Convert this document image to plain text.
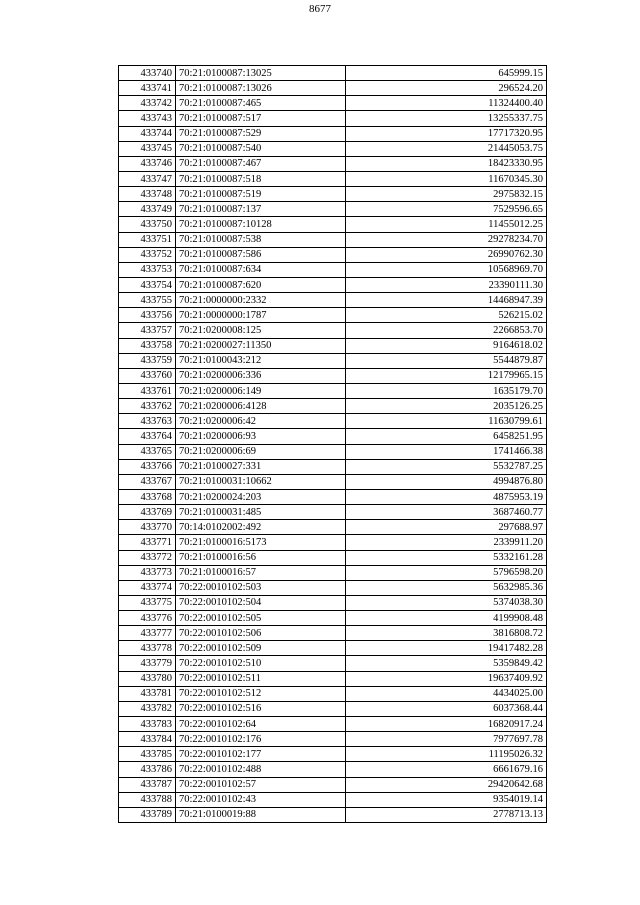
8677
433740	70:21:0100087:13025	645999.15
433741	70:21:0100087:13026	296524.20
433742	70:21:0100087:465	11324400.40
433743	70:21:0100087:517	13255337.75
433744	70:21:0100087:529	17717320.95
433745	70:21:0100087:540	21445053.75
433746	70:21:0100087:467	18423330.95
433747	70:21:0100087:518	11670345.30
433748	70:21:0100087:519	2975832.15
433749	70:21:0100087:137	7529596.65
433750	70:21:0100087:10128	11455012.25
433751	70:21:0100087:538	29278234.70
433752	70:21:0100087:586	26990762.30
433753	70:21:0100087:634	10568969.70
433754	70:21:0100087:620	23390111.30
433755	70:21:0000000:2332	14468947.39
433756	70:21:0000000:1787	526215.02
433757	70:21:0200008:125	2266853.70
433758	70:21:0200027:11350	9164618.02
433759	70:21:0100043:212	5544879.87
433760	70:21:0200006:336	12179965.15
433761	70:21:0200006:149	1635179.70
433762	70:21:0200006:4128	2035126.25
433763	70:21:0200006:42	11630799.61
433764	70:21:0200006:93	6458251.95
433765	70:21:0200006:69	1741466.38
433766	70:21:0100027:331	5532787.25
433767	70:21:0100031:10662	4994876.80
433768	70:21:0200024:203	4875953.19
433769	70:21:0100031:485	3687460.77
433770	70:14:0102002:492	297688.97
433771	70:21:0100016:5173	2339911.20
433772	70:21:0100016:56	5332161.28
433773	70:21:0100016:57	5796598.20
433774	70:22:0010102:503	5632985.36
433775	70:22:0010102:504	5374038.30
433776	70:22:0010102:505	4199908.48
433777	70:22:0010102:506	3816808.72
433778	70:22:0010102:509	19417482.28
433779	70:22:0010102:510	5359849.42
433780	70:22:0010102:511	19637409.92
433781	70:22:0010102:512	4434025.00
433782	70:22:0010102:516	6037368.44
433783	70:22:0010102:64	16820917.24
433784	70:22:0010102:176	7977697.78
433785	70:22:0010102:177	11195026.32
433786	70:22:0010102:488	6661679.16
433787	70:22:0010102:57	29420642.68
433788	70:22:0010102:43	9354019.14
433789	70:21:0100019:88	2778713.13
